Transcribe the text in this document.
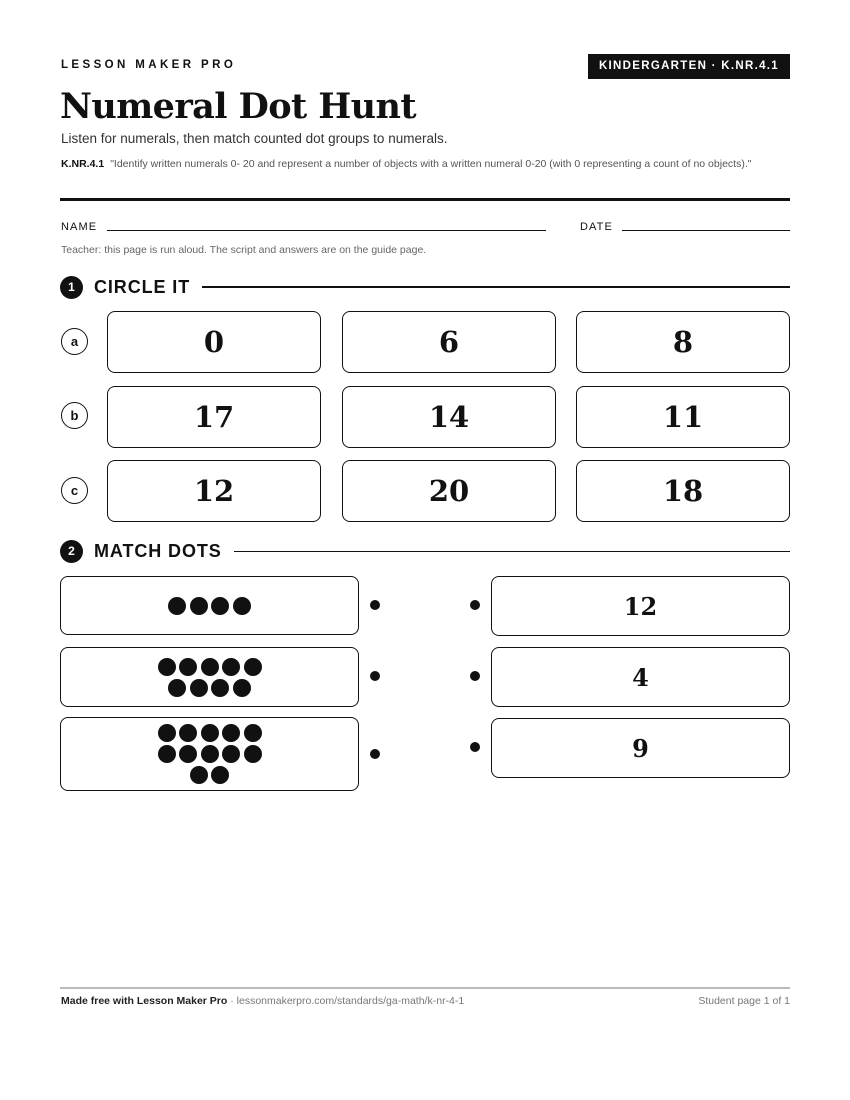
LESSON MAKER PRO	KINDERGARTEN · K.NR.4.1
Numeral Dot Hunt
Listen for numerals, then match counted dot groups to numerals.
K.NR.4.1 "Identify written numerals 0- 20 and represent a number of objects with a written numeral 0-20 (with 0 representing a count of no objects)."
NAME	DATE
Teacher: this page is run aloud. The script and answers are on the guide page.
1	CIRCLE IT
a	0	6	8
b	17	14	11
c	12	20	18
2	MATCH DOTS
12
4
9
Made free with Lesson Maker Pro · lessonmakerpro.com/standards/ga-math/k-nr-4-1	Student page 1 of 1
